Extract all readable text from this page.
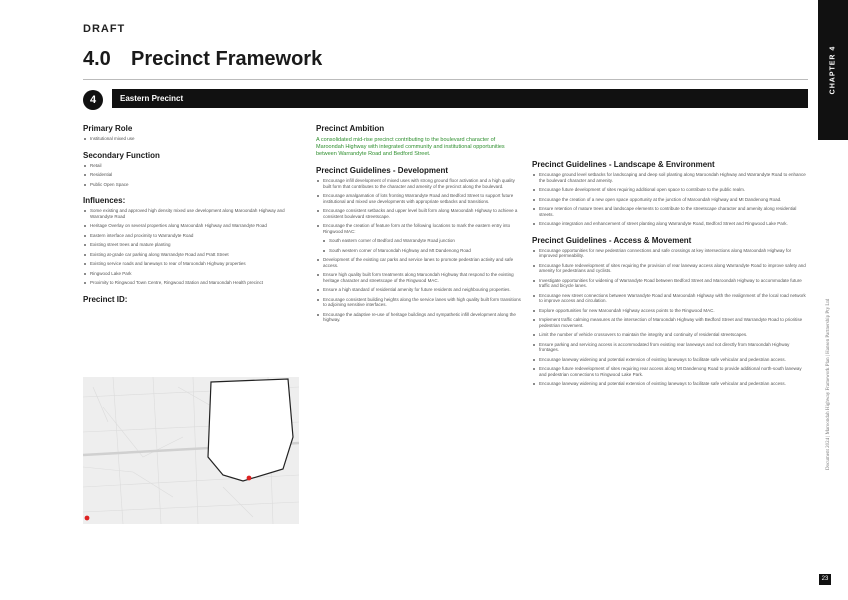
DRAFT
4.0 Precinct Framework
4	Eastern Precinct
CHAPTER 4
Document 2024 | Maroondah Highway Framework Plan | Hansen Partnership Pty Ltd
23
Primary Role
Institutional mixed use
Secondary Function
Retail
Residential
Public Open Space
Influences:
Some existing and approved high density mixed use development along Maroondah Highway and Warrandyte Road
Heritage Overlay on several properties along Maroondah Highway and Warrandyte Road
Eastern interface and proximity to Warrandyte Road
Existing street trees and mature planting
Existing at-grade car parking along Warrandyte Road and Pratt Street
Existing service roads and laneways to rear of Maroondah Highway properties
Ringwood Lake Park
Proximity to Ringwood Town Centre, Ringwood Station and Maroondah Health precinct
Precinct ID:
Precinct Ambition

A consolidated mid-rise precinct contributing to the boulevard character of Maroondah Highway with integrated community and institutional opportunities between Warrandyte Road and Bedford Street.

Precinct Guidelines - Development
Encourage infill development of mixed uses with strong ground floor activation and a high quality built form that contributes to the character and amenity of the precinct along the boulevard.
Encourage amalgamation of lots fronting Warrandyte Road and Bedford Street to support future institutional and mixed use developments with appropriate setbacks and transitions.
Encourage consistent setbacks and upper level built form along Maroondah Highway to achieve a consistent boulevard streetscape.
Encourage the creation of feature form at the following locations to mark the eastern entry into Ringwood MAC:
South eastern corner of Bedford and Warrandyte Road junction
South western corner of Maroondah Highway and Mt Dandenong Road
Development of the existing car parks and service lanes to promote pedestrian activity and safe access.
Ensure high quality built form treatments along Maroondah Highway that respond to the existing heritage character and streetscape of the Ringwood MAC.
Ensure a high standard of residential amenity for future residents and neighbouring properties.
Encourage consistent building heights along the service lanes with high quality built form transitions to adjoining sensitive interfaces.
Encourage the adaptive re-use of heritage buildings and sympathetic infill development along the highway.
Precinct Guidelines - Landscape & Environment
Encourage ground level setbacks for landscaping and deep soil planting along Maroondah Highway and Warrandyte Road to enhance the boulevard character and amenity.
Encourage future development of sites requiring additional open space to contribute to the public realm.
Encourage the creation of a new open space opportunity at the junction of Maroondah Highway and Mt Dandenong Road.
Ensure retention of mature trees and landscape elements to contribute to the streetscape character and amenity along residential streets.
Encourage integration and enhancement of street planting along Warrandyte Road, Bedford Street and Ringwood Lake Park.
Precinct Guidelines - Access & Movement
Encourage opportunities for new pedestrian connections and safe crossings at key intersections along Maroondah Highway for improved permeability.
Encourage future redevelopment of sites requiring the provision of rear laneway access along Warrandyte Road to improve safety and amenity for pedestrians and cyclists.
Investigate opportunities for widening of Warrandyte Road between Bedford Street and Maroondah Highway to accommodate future traffic and bicycle lanes.
Encourage new street connections between Warrandyte Road and Maroondah Highway with the realignment of the local road network to improve access and circulation.
Explore opportunities for new Maroondah Highway access points to the Ringwood MAC.
Implement traffic calming measures at the intersection of Maroondah Highway with Bedford Street and Warrandyte Road to prioritise pedestrian movement.
Limit the number of vehicle crossovers to maintain the integrity and continuity of residential streetscapes.
Ensure parking and servicing access is accommodated from existing rear laneways and not directly from Maroondah Highway frontages.
Encourage laneway widening and potential extension of existing laneways to facilitate safe vehicular and pedestrian access.
Encourage future redevelopment of sites requiring rear access along Mt Dandenong Road to provide additional north-south laneway and pedestrian connections to Ringwood Lake Park.
Encourage laneway widening and potential extension of existing laneways to facilitate safe vehicular and pedestrian access.
